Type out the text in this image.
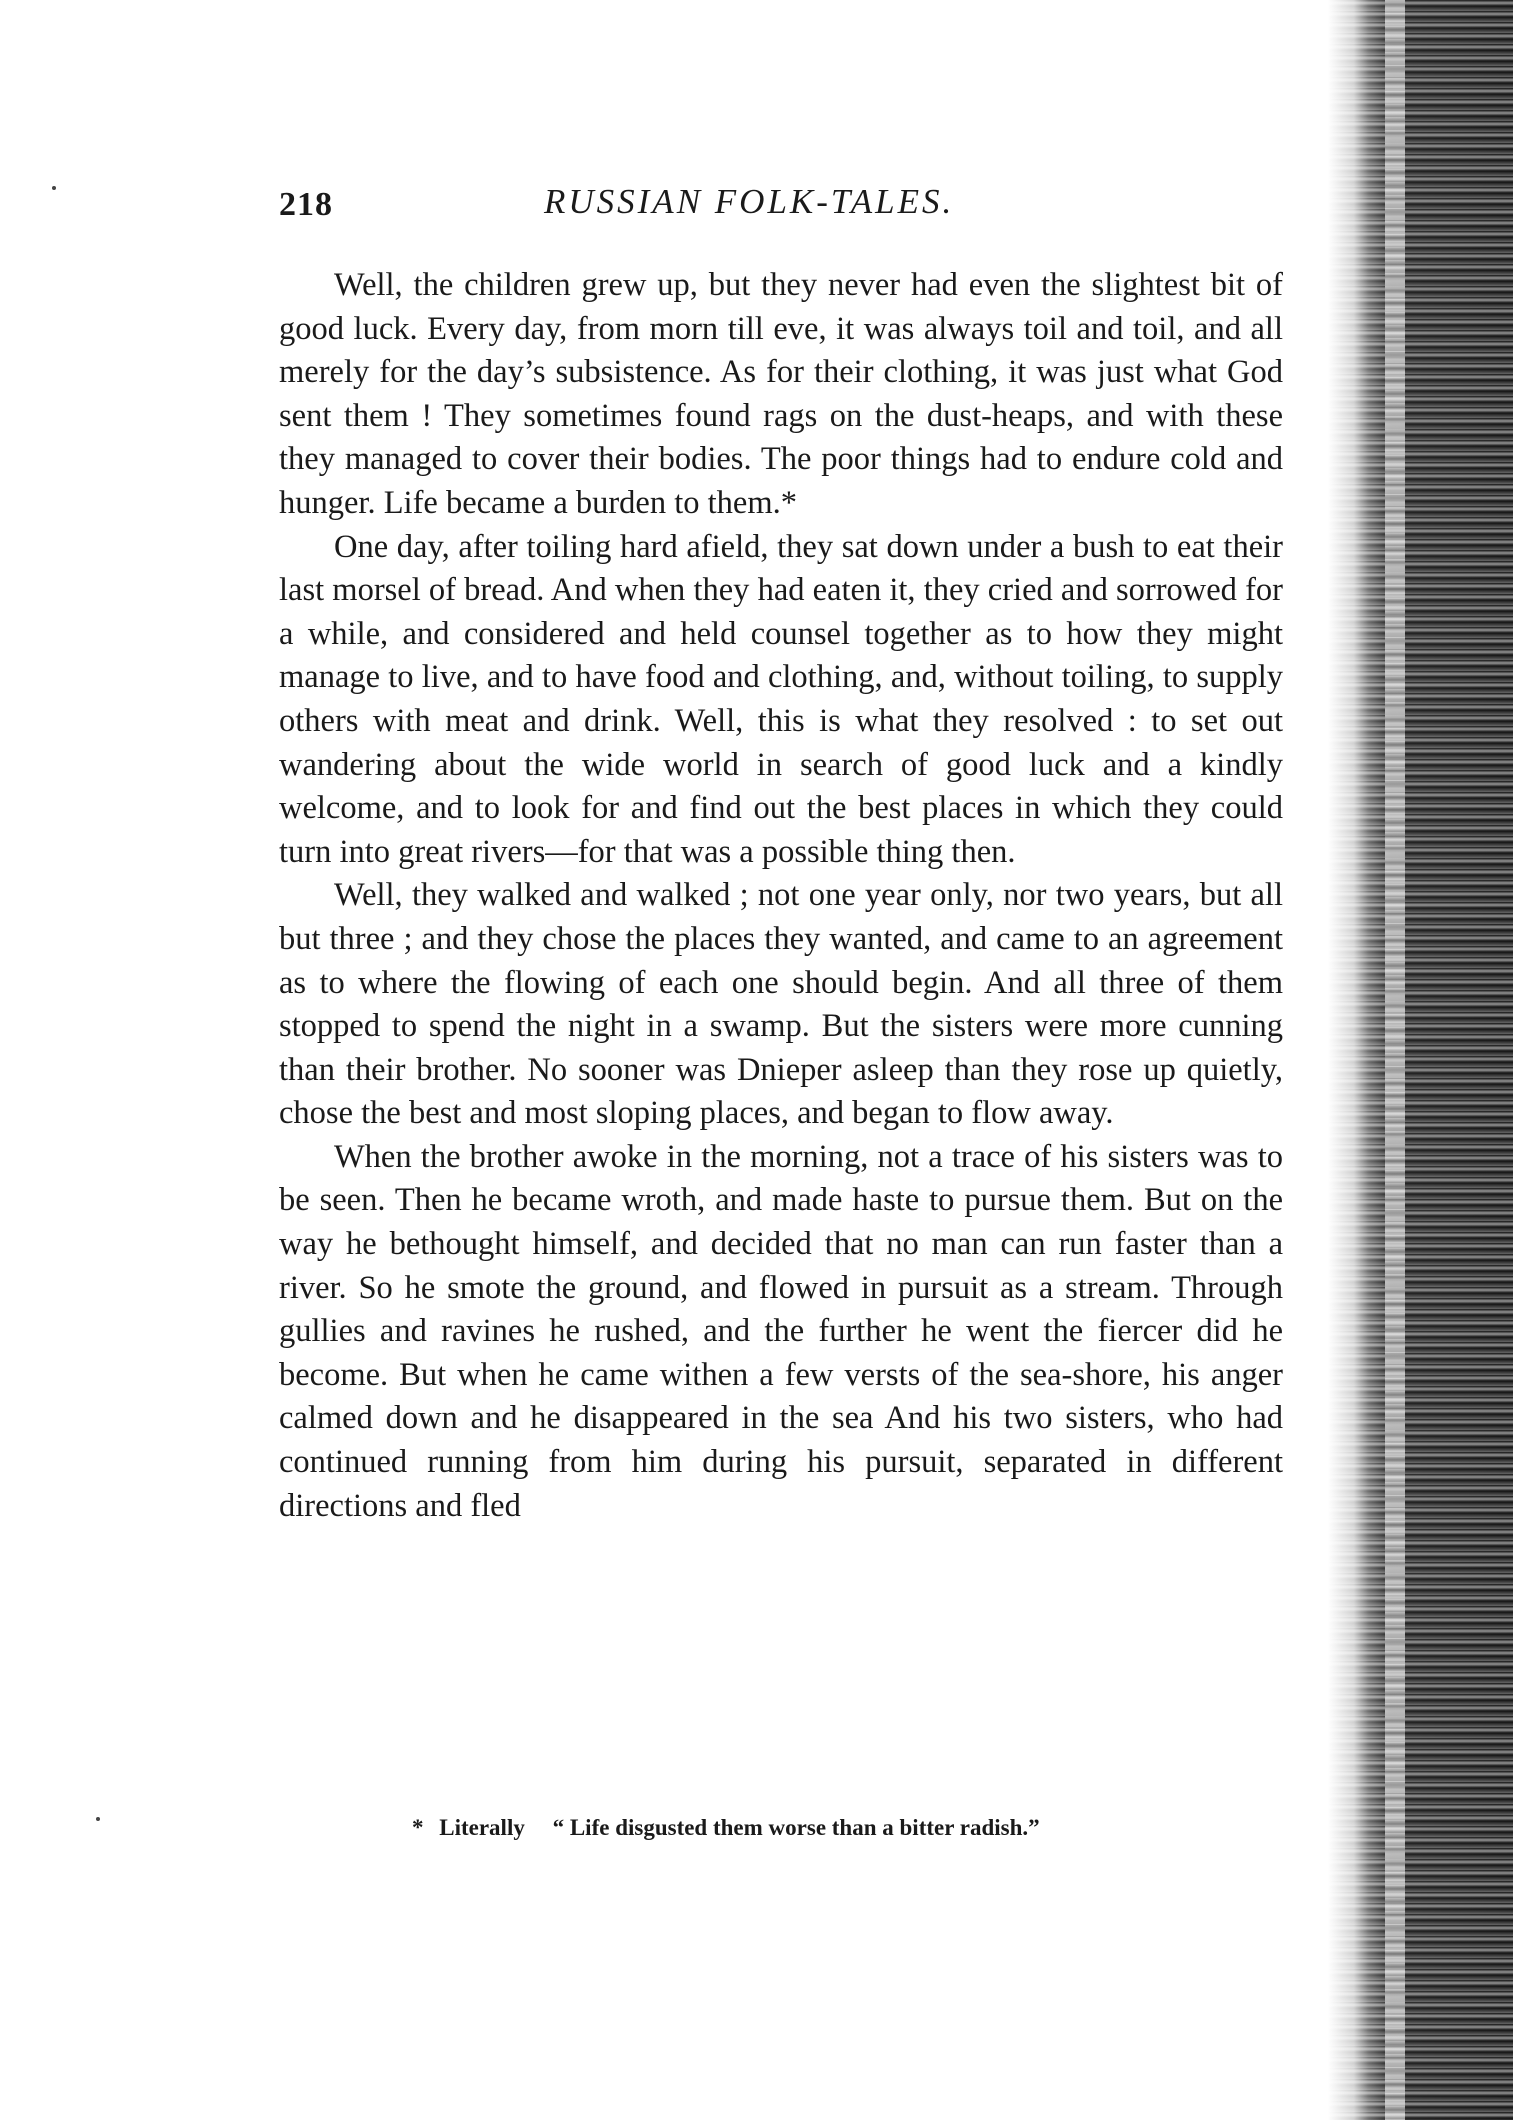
218	RUSSIAN FOLK-TALES.

Well, the children grew up, but they never had even the slightest bit of good luck. Every day, from morn till eve, it was always toil and toil, and all merely for the day’s subsistence. As for their clothing, it was just what God sent them ! They sometimes found rags on the dust-heaps, and with these they managed to cover their bodies. The poor things had to endure cold and hunger. Life became a burden to them.*

One day, after toiling hard afield, they sat down under a bush to eat their last morsel of bread. And when they had eaten it, they cried and sorrowed for a while, and considered and held counsel together as to how they might manage to live, and to have food and clothing, and, without toiling, to supply others with meat and drink. Well, this is what they resolved : to set out wandering about the wide world in search of good luck and a kindly welcome, and to look for and find out the best places in which they could turn into great rivers—for that was a possible thing then.

Well, they walked and walked ; not one year only, nor two years, but all but three ; and they chose the places they wanted, and came to an agreement as to where the flowing of each one should begin. And all three of them stopped to spend the night in a swamp. But the sisters were more cunning than their brother. No sooner was Dnieper asleep than they rose up quietly, chose the best and most sloping places, and began to flow away.

When the brother awoke in the morning, not a trace of his sisters was to be seen. Then he became wroth, and made haste to pursue them. But on the way he bethought himself, and decided that no man can run faster than a river. So he smote the ground, and flowed in pursuit as a stream. Through gullies and ravines he rushed, and the further he went the fiercer did he become. But when he came withen a few versts of the sea-shore, his anger calmed down and he disappeared in the sea And his two sisters, who had continued running from him during his pursuit, separated in different directions and fled

* Literally “ Life disgusted them worse than a bitter radish.”
